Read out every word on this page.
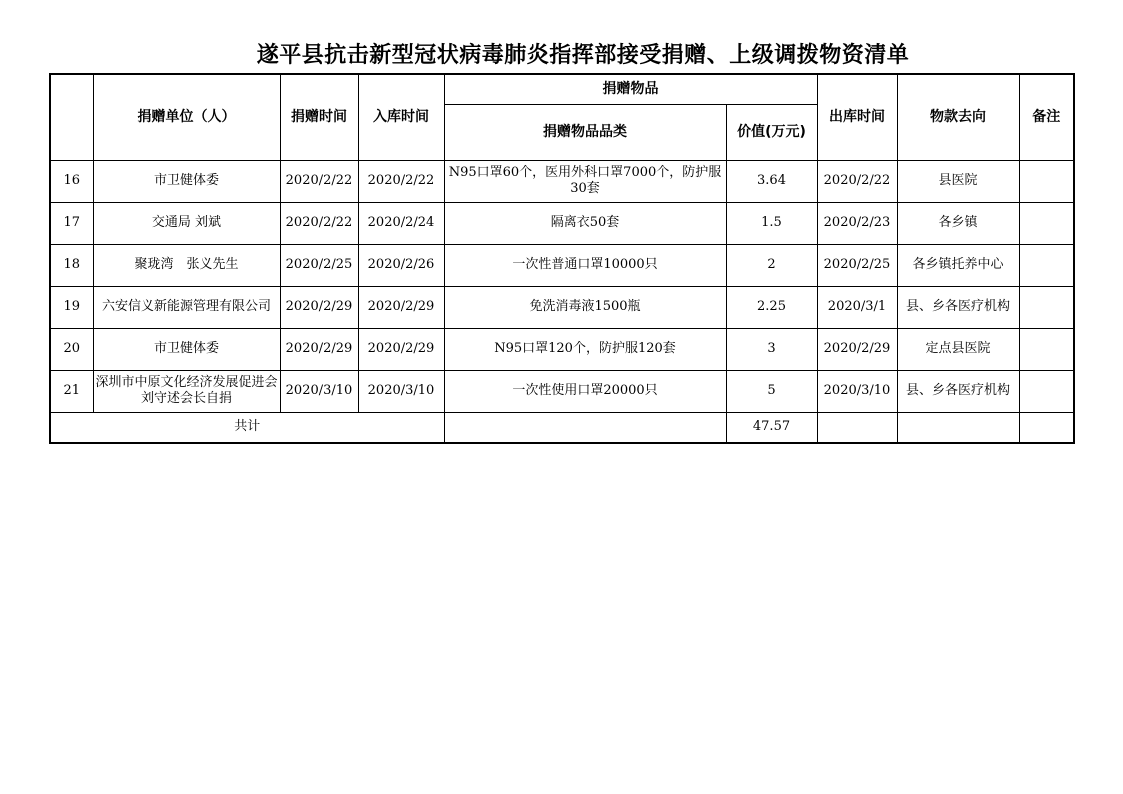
遂平县抗击新型冠状病毒肺炎指挥部接受捐赠、上级调拨物资清单
	捐赠单位（人）	捐赠时间	入库时间	捐赠物品		出库时间	物款去向	备注
				捐赠物品品类	价值(万元)			
16	市卫健体委	2020/2/22	2020/2/22	N95口罩60个，医用外科口罩7000个，防护服30套	3.64	2020/2/22	县医院	
17	交通局 刘斌	2020/2/22	2020/2/24	隔离衣50套	1.5	2020/2/23	各乡镇	
18	聚珑湾　张义先生	2020/2/25	2020/2/26	一次性普通口罩10000只	2	2020/2/25	各乡镇托养中心	
19	六安信义新能源管理有限公司	2020/2/29	2020/2/29	免洗消毒液1500瓶	2.25	2020/3/1	县、乡各医疗机构	
20	市卫健体委	2020/2/29	2020/2/29	N95口罩120个，防护服120套	3	2020/2/29	定点县医院	
21	深圳市中原文化经济发展促进会刘守述会长自捐	2020/3/10	2020/3/10	一次性使用口罩20000只	5	2020/3/10	县、乡各医疗机构	
共计					47.57			
